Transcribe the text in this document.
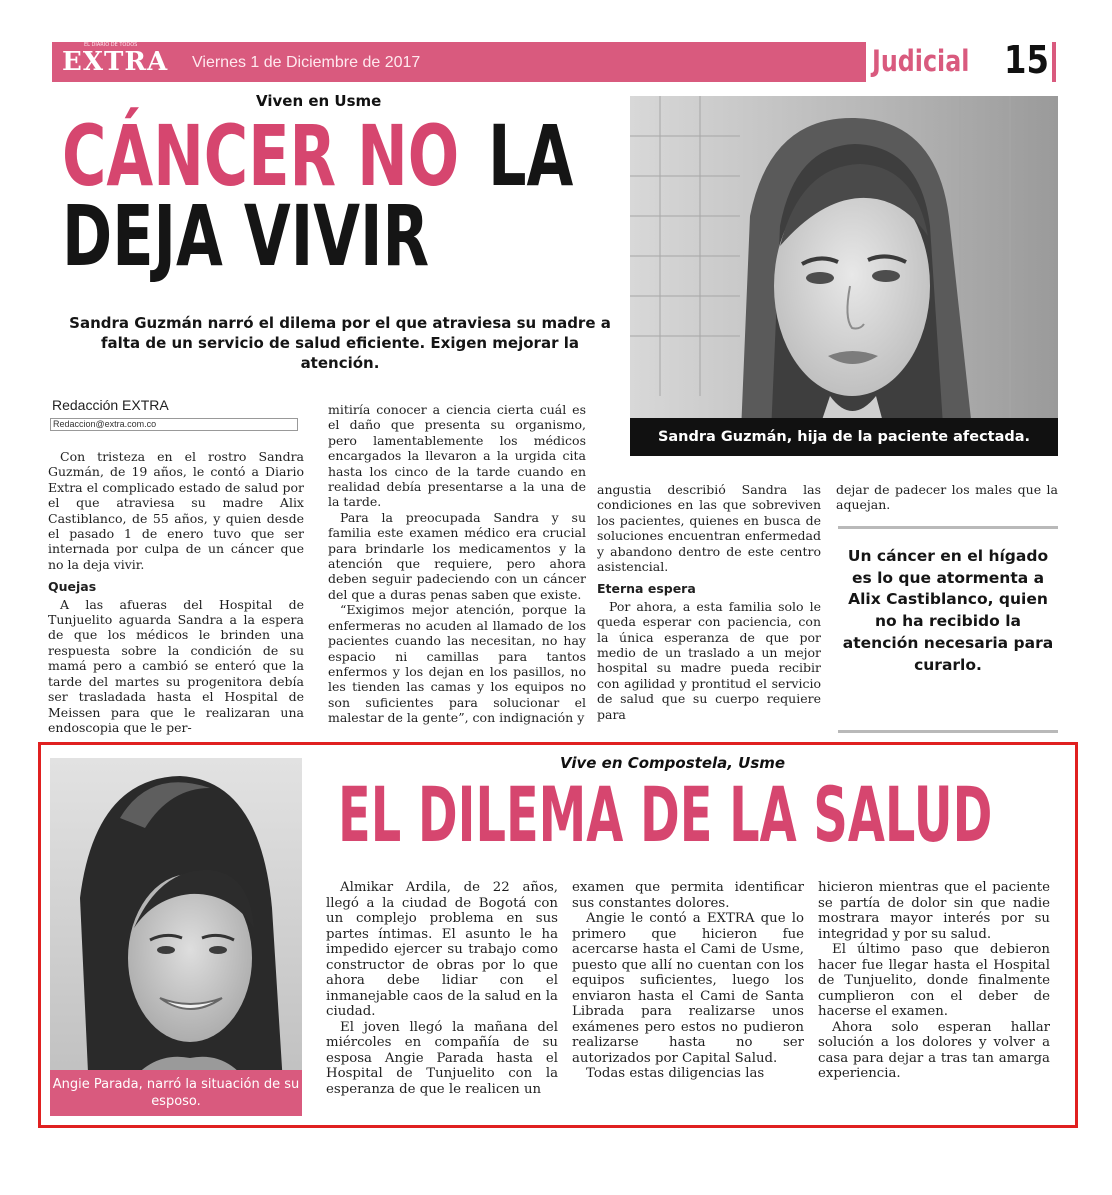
EXTRA
EL DIARIO DE TODOS
Viernes 1 de Diciembre de 2017	Judicial 15
Viven en Usme
CÁNCER NO LA
DEJA VIVIR
Sandra Guzmán narró el dilema por el que atraviesa su madre a falta de un servicio de salud eficiente. Exigen mejorar la atención.
Redacción EXTRA
Redaccion@extra.com.co

Con tristeza en el rostro Sandra Guzmán, de 19 años, le contó a Diario Extra el complicado estado de salud por el que atraviesa su madre Alix Castiblanco, de 55 años, y quien desde el pasado 1 de enero tuvo que ser internada por culpa de un cáncer que no la deja vivir.

Quejas

A las afueras del Hospital de Tunjuelito aguarda Sandra a la espera de que los médicos le brinden una respuesta sobre la condición de su mamá pero a cambió se enteró que la tarde del martes su progenitora debía ser trasladada hasta el Hospital de Meissen para que le realizaran una endoscopia que le per-

mitiría conocer a ciencia cierta cuál es el daño que presenta su organismo, pero lamentablemente los médicos encargados la llevaron a la urgida cita hasta los cinco de la tarde cuando en realidad debía presentarse a la una de la tarde.

Para la preocupada Sandra y su familia este examen médico era crucial para brindarle los medicamentos y la atención que requiere, pero ahora deben seguir padeciendo con un cáncer del que a duras penas saben que existe.

“Exigimos mejor atención, porque la enfermeras no acuden al llamado de los pacientes cuando las necesitan, no hay espacio ni camillas para tantos enfermos y los dejan en los pasillos, no les tienden las camas y los equipos no son suficientes para solucionar el malestar de la gente”, con indignación y

angustia describió Sandra las condiciones en las que sobreviven los pacientes, quienes en busca de soluciones encuentran enfermedad y abandono dentro de este centro asistencial.

Eterna espera

Por ahora, a esta familia solo le queda esperar con paciencia, con la única esperanza de que por medio de un traslado a un mejor hospital su madre pueda recibir con agilidad y prontitud el servicio de salud que su cuerpo requiere para

dejar de padecer los males que la aquejan.

Sandra Guzmán, hija de la paciente afectada.
Un cáncer en el hígado es lo que atormenta a Alix Castiblanco, quien no ha recibido la atención necesaria para curarlo.
Vive en Compostela, Usme
EL DILEMA DE LA SALUD
Angie Parada, narró la situación de su esposo.

Almikar Ardila, de 22 años, llegó a la ciudad de Bogotá con un complejo problema en sus partes íntimas. El asunto le ha impedido ejercer su trabajo como constructor de obras por lo que ahora debe lidiar con el inmanejable caos de la salud en la ciudad.

El joven llegó la mañana del miércoles en compañía de su esposa Angie Parada hasta el Hospital de Tunjuelito con la esperanza de que le realicen un

examen que permita identificar sus constantes dolores.

Angie le contó a EXTRA que lo primero que hicieron fue acercarse hasta el Cami de Usme, puesto que allí no cuentan con los equipos suficientes, luego los enviaron hasta el Cami de Santa Librada para realizarse unos exámenes pero estos no pudieron realizarse hasta no ser autorizados por Capital Salud.

Todas estas diligencias las

hicieron mientras que el paciente se partía de dolor sin que nadie mostrara mayor interés por su integridad y por su salud.

El último paso que debieron hacer fue llegar hasta el Hospital de Tunjuelito, donde finalmente cumplieron con el deber de hacerse el examen.

Ahora solo esperan hallar solución a los dolores y volver a casa para dejar a tras tan amarga experiencia.
